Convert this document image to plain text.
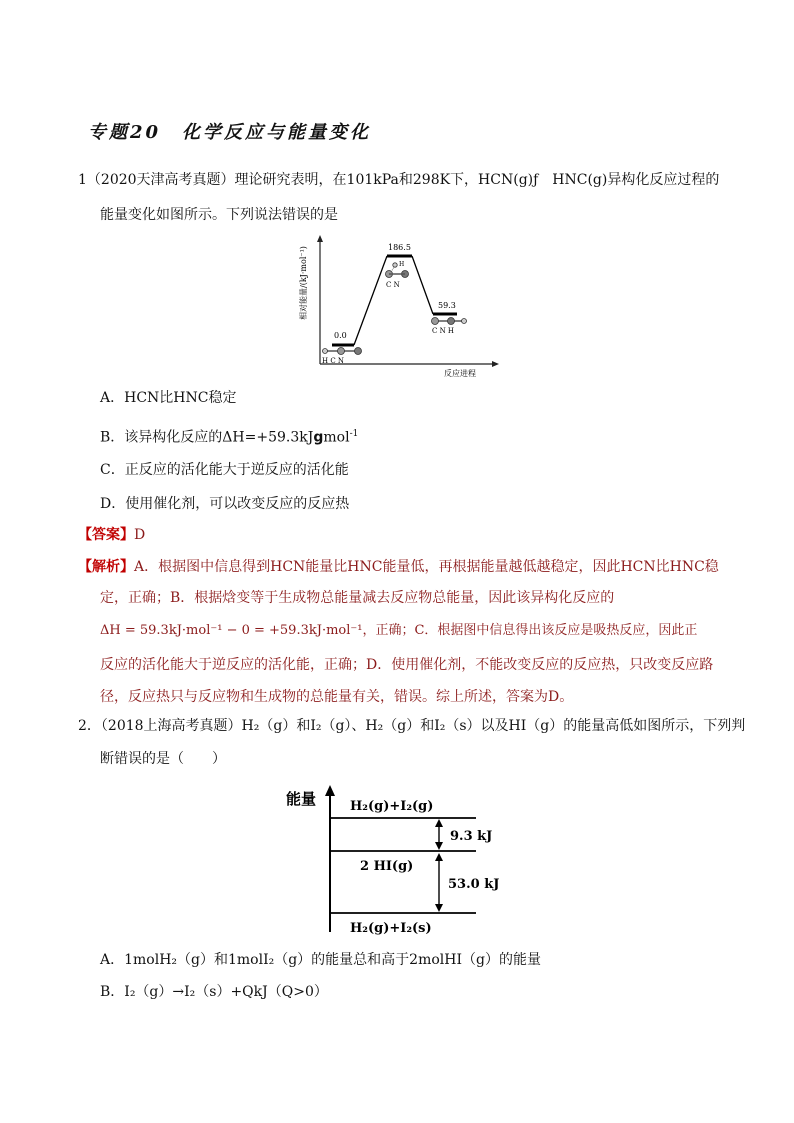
专题20　化学反应与能量变化
1（2020天津高考真题）理论研究表明，在101kPa和298K下，HCN(g)ƒ　HNC(g)异构化反应过程的
能量变化如图所示。下列说法错误的是
相对能量/(kJ·mol⁻¹)
反应进程
0.0
186.5
59.3
H C N
H
C N
C N H
A．HCN比HNC稳定
B．该异构化反应的ΔH=+59.3kJgmol$^{-1}$
C．正反应的活化能大于逆反应的活化能
D．使用催化剂，可以改变反应的反应热
【答案】D
【解析】A．根据图中信息得到HCN能量比HNC能量低，再根据能量越低越稳定，因此HCN比HNC稳
定，正确；B．根据焓变等于生成物总能量减去反应物总能量，因此该异构化反应的
ΔH = 59.3kJ·mol⁻¹ − 0 = +59.3kJ·mol⁻¹，正确；C．根据图中信息得出该反应是吸热反应，因此正
反应的活化能大于逆反应的活化能，正确；D．使用催化剂，不能改变反应的反应热，只改变反应路
径，反应热只与反应物和生成物的总能量有关，错误。综上所述，答案为D。
2．（2018上海高考真题）H₂（g）和I₂（g）、H₂（g）和I₂（s）以及HI（g）的能量高低如图所示，下列判
断错误的是（　　）
能量	H₂(g)+I₂(g)
2 HI(g)
H₂(g)+I₂(s)
9.3 kJ
53.0 kJ
A．1molH₂（g）和1molI₂（g）的能量总和高于2molHI（g）的能量
B．I₂（g）→I₂（s）+QkJ（Q>0）
